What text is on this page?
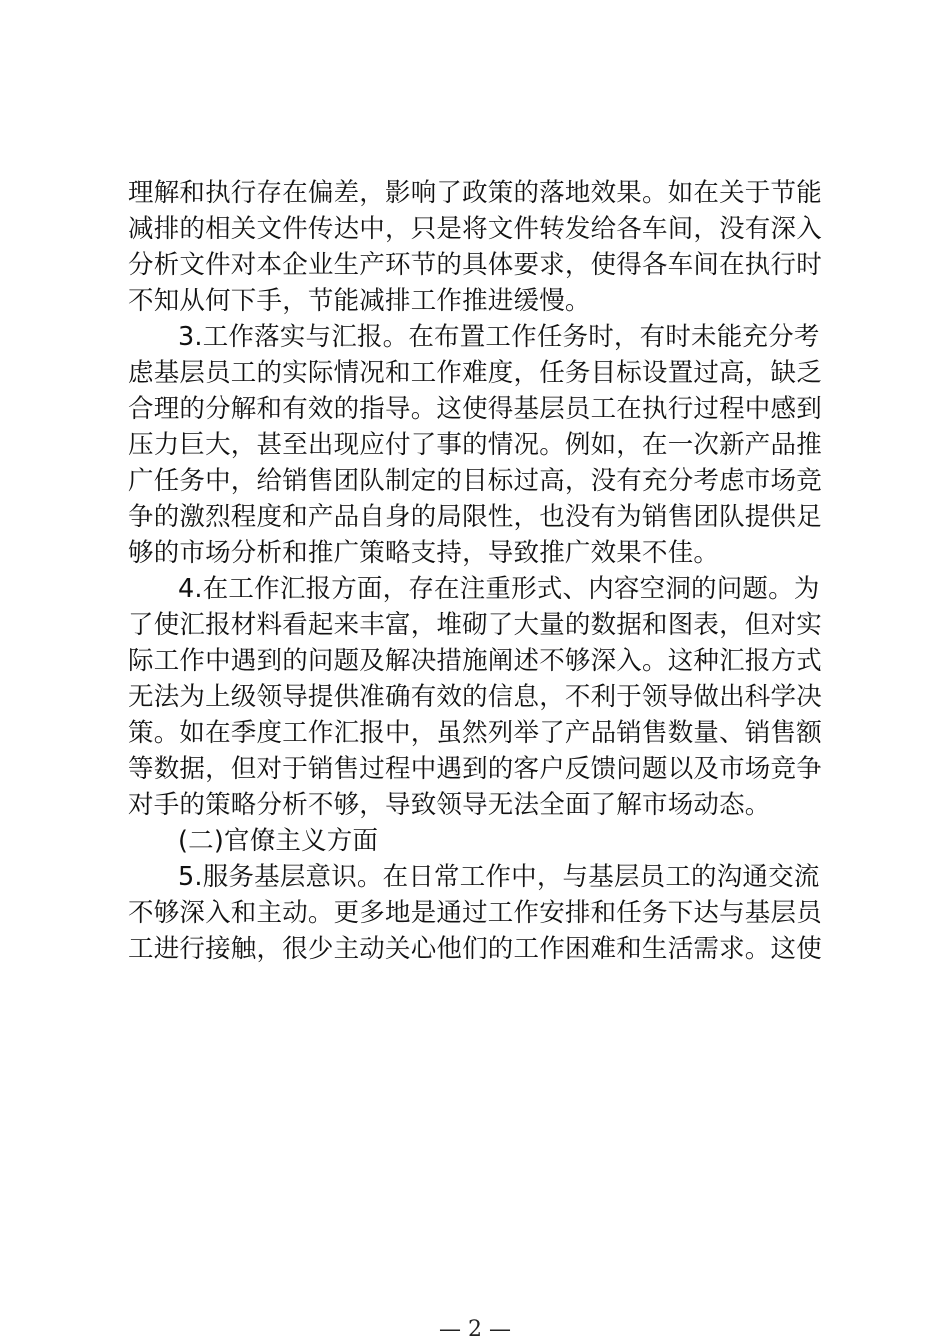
理解和执行存在偏差，影响了政策的落地效果。如在关于节能
减排的相关文件传达中，只是将文件转发给各车间，没有深入
分析文件对本企业生产环节的具体要求，使得各车间在执行时
不知从何下手，节能减排工作推进缓慢。
3.工作落实与汇报。在布置工作任务时，有时未能充分考
虑基层员工的实际情况和工作难度，任务目标设置过高，缺乏
合理的分解和有效的指导。这使得基层员工在执行过程中感到
压力巨大，甚至出现应付了事的情况。例如，在一次新产品推
广任务中，给销售团队制定的目标过高，没有充分考虑市场竞
争的激烈程度和产品自身的局限性，也没有为销售团队提供足
够的市场分析和推广策略支持，导致推广效果不佳。
4.在工作汇报方面，存在注重形式、内容空洞的问题。为
了使汇报材料看起来丰富，堆砌了大量的数据和图表，但对实
际工作中遇到的问题及解决措施阐述不够深入。这种汇报方式
无法为上级领导提供准确有效的信息，不利于领导做出科学决
策。如在季度工作汇报中，虽然列举了产品销售数量、销售额
等数据，但对于销售过程中遇到的客户反馈问题以及市场竞争
对手的策略分析不够，导致领导无法全面了解市场动态。
(二)官僚主义方面
5.服务基层意识。在日常工作中，与基层员工的沟通交流
不够深入和主动。更多地是通过工作安排和任务下达与基层员
工进行接触，很少主动关心他们的工作困难和生活需求。这使
— 2 —
